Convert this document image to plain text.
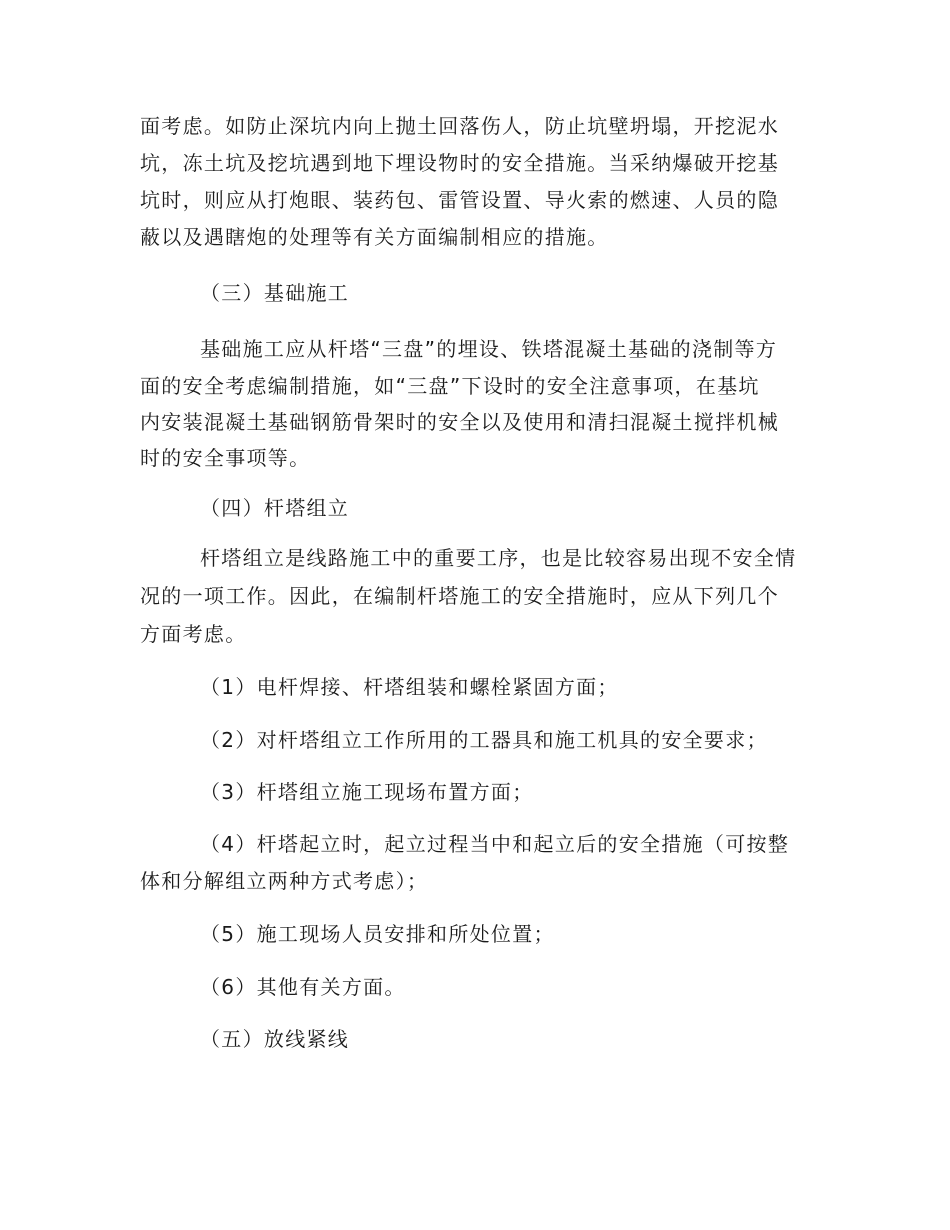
面考虑。如防止深坑内向上抛土回落伤人，防止坑壁坍塌，开挖泥水
坑，冻土坑及挖坑遇到地下埋设物时的安全措施。当采纳爆破开挖基
坑时，则应从打炮眼、装药包、雷管设置、导火索的燃速、人员的隐
蔽以及遇瞎炮的处理等有关方面编制相应的措施。
（三）基础施工
基础施工应从杆塔“三盘”的埋设、铁塔混凝土基础的浇制等方
面的安全考虑编制措施，如“三盘”下设时的安全注意事项，在基坑
内安装混凝土基础钢筋骨架时的安全以及使用和清扫混凝土搅拌机械
时的安全事项等。
（四）杆塔组立
杆塔组立是线路施工中的重要工序，也是比较容易出现不安全情
况的一项工作。因此，在编制杆塔施工的安全措施时，应从下列几个
方面考虑。
（1）电杆焊接、杆塔组装和螺栓紧固方面；
（2）对杆塔组立工作所用的工器具和施工机具的安全要求；
（3）杆塔组立施工现场布置方面；
（4）杆塔起立时，起立过程当中和起立后的安全措施（可按整
体和分解组立两种方式考虑）；
（5）施工现场人员安排和所处位置；
（6）其他有关方面。
（五）放线紧线
